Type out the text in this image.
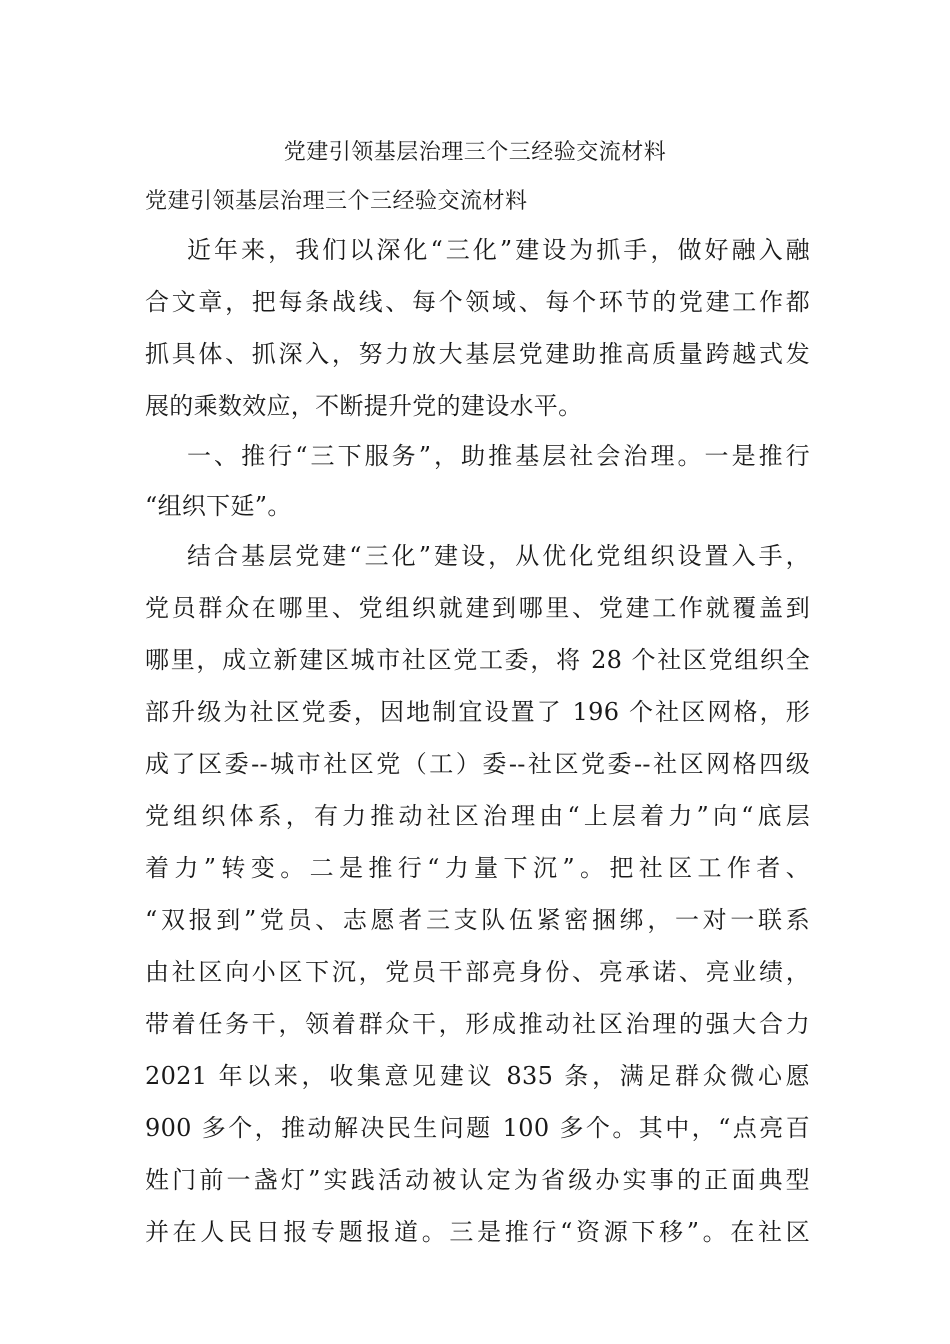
党建引领基层治理三个三经验交流材料
党建引领基层治理三个三经验交流材料
近年来，我们以深化“三化”建设为抓手，做好融入融
合文章，把每条战线、每个领域、每个环节的党建工作都
抓具体、抓深入，努力放大基层党建助推高质量跨越式发
展的乘数效应，不断提升党的建设水平。
一、推行“三下服务”，助推基层社会治理。一是推行
“组织下延”。
结合基层党建“三化”建设，从优化党组织设置入手，
党员群众在哪里、党组织就建到哪里、党建工作就覆盖到
哪里，成立新建区城市社区党工委，将 28 个社区党组织全
部升级为社区党委，因地制宜设置了 196 个社区网格，形
成了区委--城市社区党（工）委--社区党委--社区网格四级
党组织体系，有力推动社区治理由“上层着力”向“底层
着力”转变。二是推行“力量下沉”。把社区工作者、
“双报到”党员、志愿者三支队伍紧密捆绑，一对一联系
由社区向小区下沉，党员干部亮身份、亮承诺、亮业绩，
带着任务干，领着群众干，形成推动社区治理的强大合力
2021 年以来，收集意见建议 835 条，满足群众微心愿
900 多个，推动解决民生问题 100 多个。其中，“点亮百
姓门前一盏灯”实践活动被认定为省级办实事的正面典型
并在人民日报专题报道。三是推行“资源下移”。在社区
